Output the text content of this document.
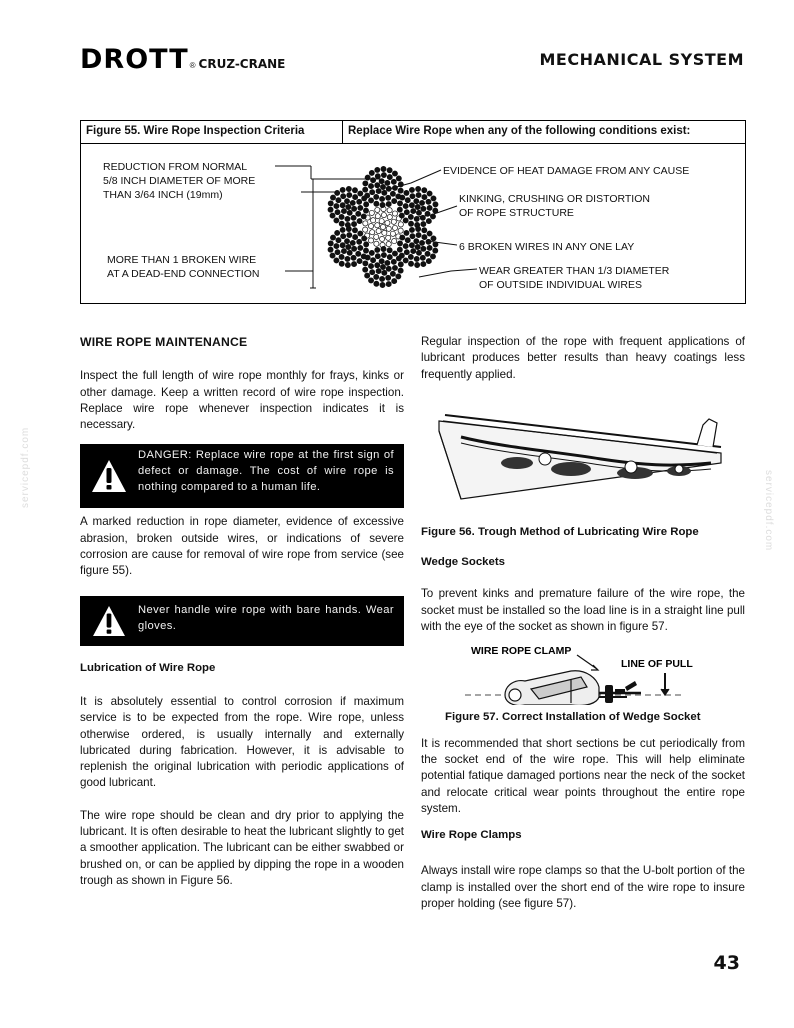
DROTT ® CRUZ-CRANE	MECHANICAL SYSTEM
Figure 55. Wire Rope Inspection Criteria	Replace Wire Rope when any of the following conditions exist:
REDUCTION FROM NORMAL
5/8 INCH DIAMETER OF MORE
THAN 3/64 INCH (19mm)
MORE THAN 1 BROKEN WIRE
AT A DEAD-END CONNECTION
EVIDENCE OF HEAT DAMAGE FROM ANY CAUSE
KINKING, CRUSHING OR DISTORTION
OF ROPE STRUCTURE
6 BROKEN WIRES IN ANY ONE LAY
WEAR GREATER THAN 1/3 DIAMETER
OF OUTSIDE INDIVIDUAL WIRES

WIRE ROPE MAINTENANCE

Inspect the full length of wire rope monthly for frays, kinks or other damage. Keep a written record of wire rope inspection. Replace wire rope whenever inspection indicates it is necessary.

DANGER: Replace wire rope at the first sign of defect or damage. The cost of wire rope is nothing compared to a human life.

A marked reduction in rope diameter, evidence of excessive abrasion, broken outside wires, or indications of severe corrosion are cause for removal of wire rope from service (see figure 55).

Never handle wire rope with bare hands. Wear gloves.

Lubrication of Wire Rope

It is absolutely essential to control corrosion if maximum service is to be expected from the rope. Wire rope, unless otherwise ordered, is usually internally and externally lubricated during fabrication. However, it is advisable to replenish the original lubrication with periodic applications of good lubricant.

The wire rope should be clean and dry prior to applying the lubricant. It is often desirable to heat the lubricant slightly to get a smoother application. The lubricant can be either swabbed or brushed on, or can be applied by dipping the rope in a wooden trough as shown in Figure 56.

Regular inspection of the rope with frequent applications of lubricant produces better results than heavy coatings less frequently applied.

Figure 56. Trough Method of Lubricating Wire Rope

Wedge Sockets

To prevent kinks and premature failure of the wire rope, the socket must be installed so the load line is in a straight line pull with the eye of the socket as shown in figure 57.

WIRE ROPE CLAMP
LINE OF PULL

Figure 57. Correct Installation of Wedge Socket

It is recommended that short sections be cut periodically from the socket end of the wire rope. This will help eliminate potential fatique damaged portions near the neck of the socket and relocate critical wear points throughout the entire rope system.

Wire Rope Clamps

Always install wire rope clamps so that the U-bolt portion of the clamp is installed over the short end of the wire rope to insure proper holding (see figure 57).

43
servicepdf.com
servicepdf.com
